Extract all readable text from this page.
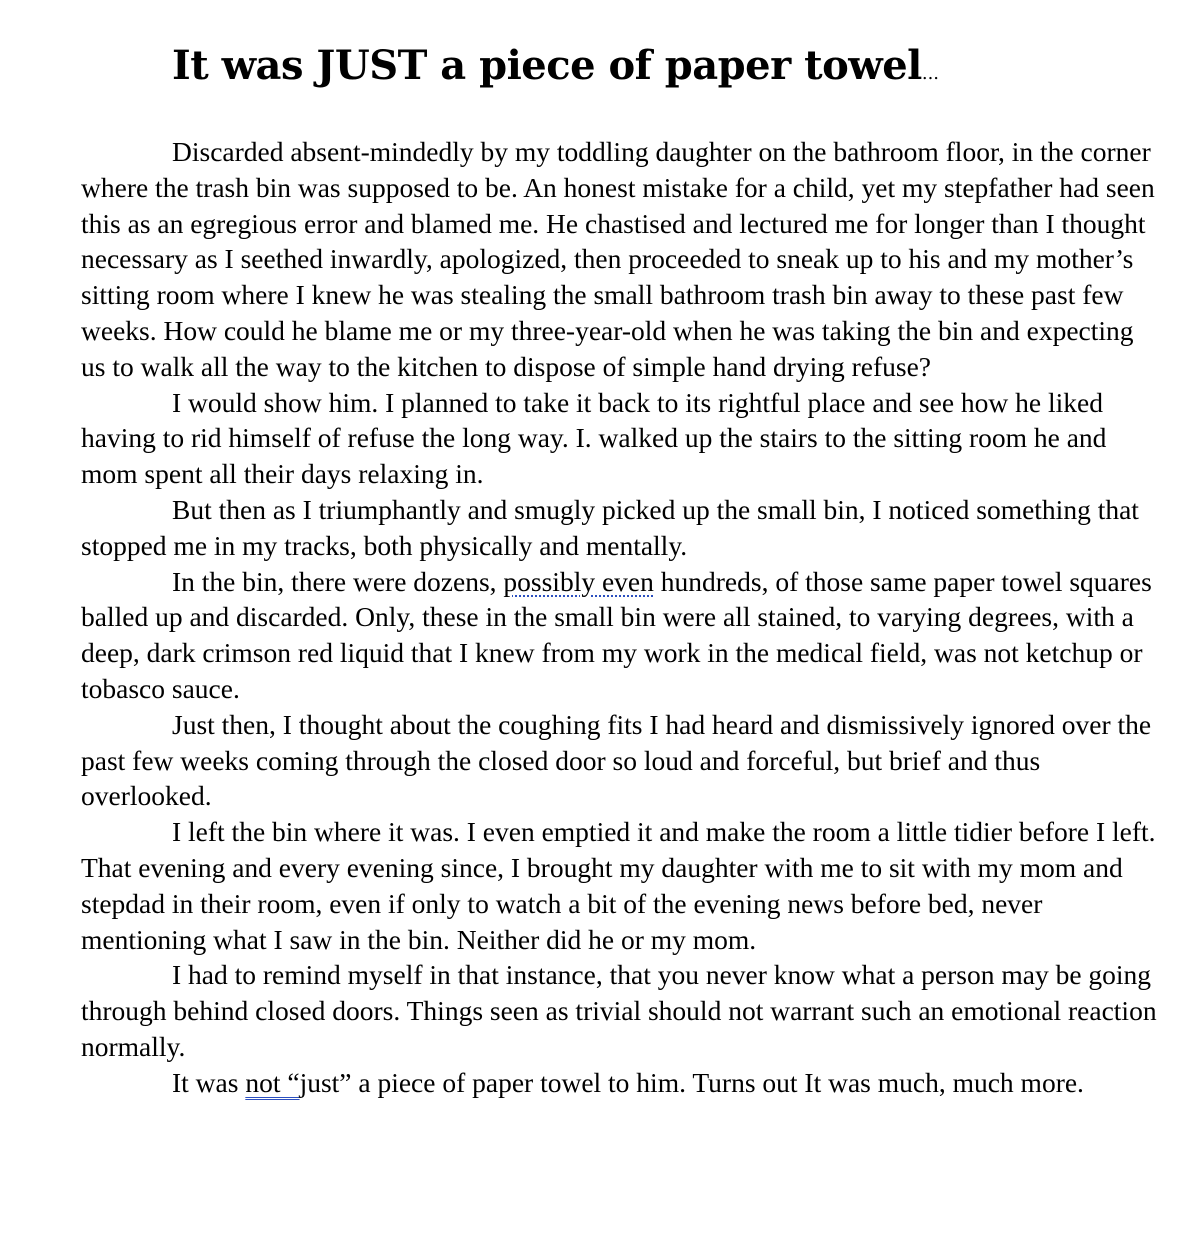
It was JUST a piece of paper towel...

Discarded absent-mindedly by my toddling daughter on the bathroom floor, in the corner where the trash bin was supposed to be. An honest mistake for a child, yet my stepfather had seen this as an egregious error and blamed me. He chastised and lectured me for longer than I thought necessary as I seethed inwardly, apologized, then proceeded to sneak up to his and my mother’s sitting room where I knew he was stealing the small bathroom trash bin away to these past few weeks. How could he blame me or my three-year-old when he was taking the bin and expecting us to walk all the way to the kitchen to dispose of simple hand drying refuse?

I would show him. I planned to take it back to its rightful place and see how he liked having to rid himself of refuse the long way. I. walked up the stairs to the sitting room he and mom spent all their days relaxing in.

But then as I triumphantly and smugly picked up the small bin, I noticed something that stopped me in my tracks, both physically and mentally.

In the bin, there were dozens, possibly even hundreds, of those same paper towel squares balled up and discarded. Only, these in the small bin were all stained, to varying degrees, with a deep, dark crimson red liquid that I knew from my work in the medical field, was not ketchup or tobasco sauce.

Just then, I thought about the coughing fits I had heard and dismissively ignored over the past few weeks coming through the closed door so loud and forceful, but brief and thus overlooked.

I left the bin where it was. I even emptied it and make the room a little tidier before I left. That evening and every evening since, I brought my daughter with me to sit with my mom and stepdad in their room, even if only to watch a bit of the evening news before bed, never mentioning what I saw in the bin. Neither did he or my mom.

I had to remind myself in that instance, that you never know what a person may be going through behind closed doors. Things seen as trivial should not warrant such an emotional reaction normally.

It was not “just” a piece of paper towel to him. Turns out It was much, much more.
